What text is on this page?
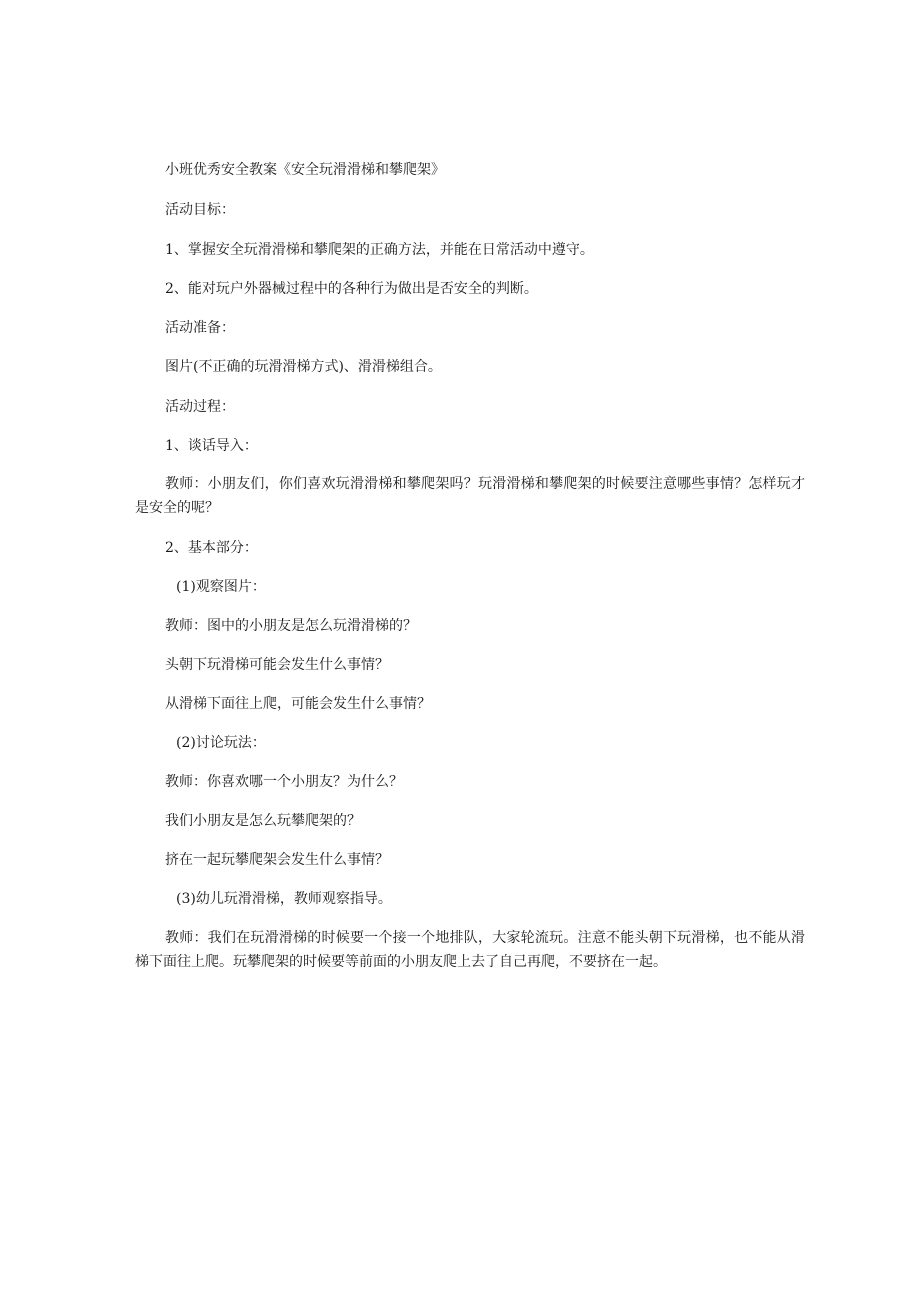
小班优秀安全教案《安全玩滑滑梯和攀爬架》
活动目标：
1、掌握安全玩滑滑梯和攀爬架的正确方法，并能在日常活动中遵守。
2、能对玩户外器械过程中的各种行为做出是否安全的判断。
活动准备：
图片(不正确的玩滑滑梯方式)、滑滑梯组合。
活动过程：
1、谈话导入：
教师：小朋友们，你们喜欢玩滑滑梯和攀爬架吗？玩滑滑梯和攀爬架的时候要注意哪些事情？怎样玩才是安全的呢？
2、基本部分：
(1)观察图片：
教师：图中的小朋友是怎么玩滑滑梯的？
头朝下玩滑梯可能会发生什么事情？
从滑梯下面往上爬，可能会发生什么事情？
(2)讨论玩法：
教师：你喜欢哪一个小朋友？为什么？
我们小朋友是怎么玩攀爬架的？
挤在一起玩攀爬架会发生什么事情？
(3)幼儿玩滑滑梯，教师观察指导。
教师：我们在玩滑滑梯的时候要一个接一个地排队，大家轮流玩。注意不能头朝下玩滑梯，也不能从滑梯下面往上爬。玩攀爬架的时候要等前面的小朋友爬上去了自己再爬，不要挤在一起。
